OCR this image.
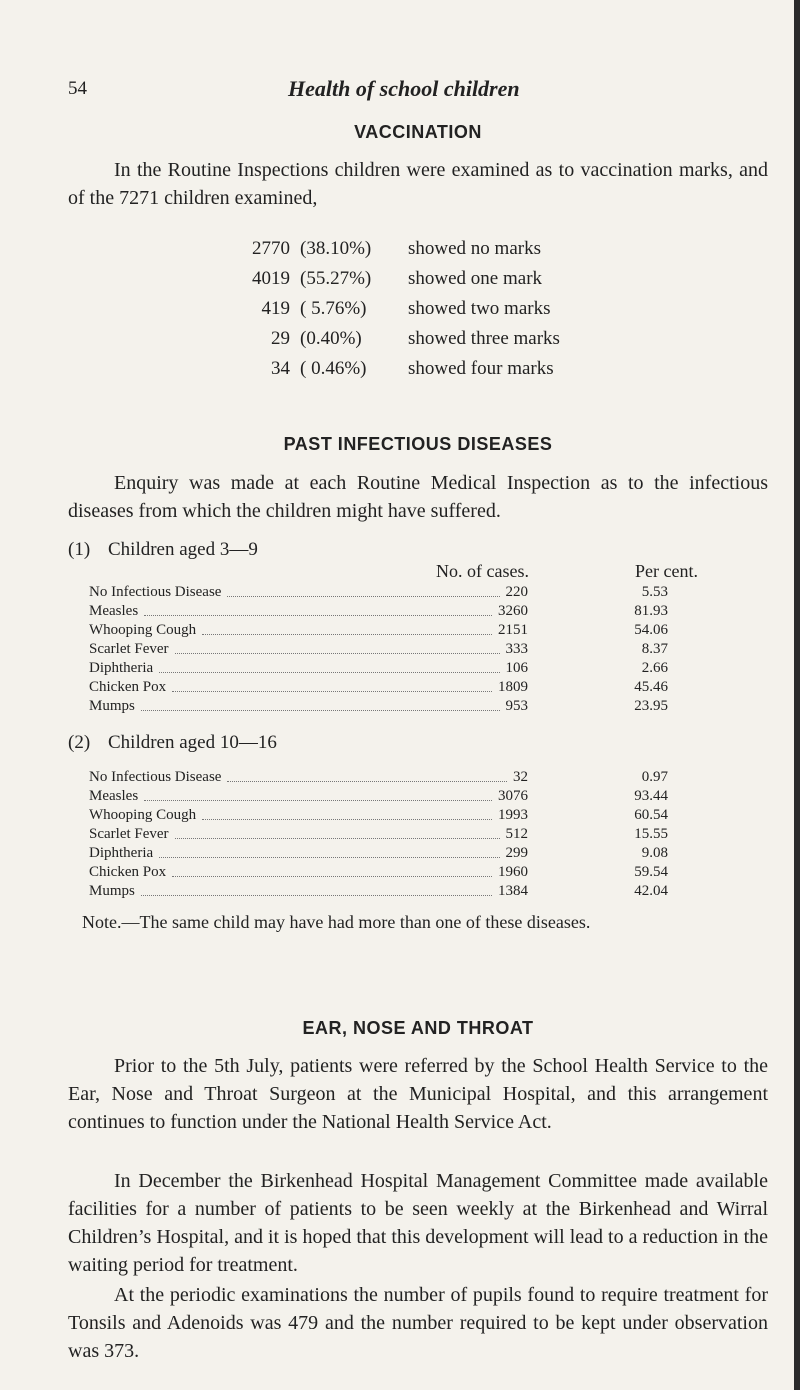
54	Health of school children
VACCINATION

In the Routine Inspections children were examined as to vaccination marks, and of the 7271 children examined,

2770 (38.10%) showed no marks
4019 (55.27%) showed one mark
419 ( 5.76%) showed two marks
29 (0.40%) showed three marks
34 ( 0.46%) showed four marks
PAST INFECTIOUS DISEASES

Enquiry was made at each Routine Medical Inspection as to the infectious diseases from which the children might have suffered.

(1) Children aged 3—9
No. of cases.	Per cent.
No Infectious Disease	220	5.53
Measles	3260	81.93
Whooping Cough	2151	54.06
Scarlet Fever	333	8.37
Diphtheria	106	2.66
Chicken Pox	1809	45.46
Mumps	953	23.95
(2) Children aged 10—16
No Infectious Disease	32	0.97
Measles	3076	93.44
Whooping Cough	1993	60.54
Scarlet Fever	512	15.55
Diphtheria	299	9.08
Chicken Pox	1960	59.54
Mumps	1384	42.04
Note.—The same child may have had more than one of these diseases.
EAR, NOSE AND THROAT

Prior to the 5th July, patients were referred by the School Health Service to the Ear, Nose and Throat Surgeon at the Municipal Hospital, and this arrangement continues to function under the National Health Service Act.

In December the Birkenhead Hospital Management Committee made available facilities for a number of patients to be seen weekly at the Birkenhead and Wirral Children’s Hospital, and it is hoped that this development will lead to a reduction in the waiting period for treatment.

At the periodic examinations the number of pupils found to require treatment for Tonsils and Adenoids was 479 and the number required to be kept under observation was 373.
